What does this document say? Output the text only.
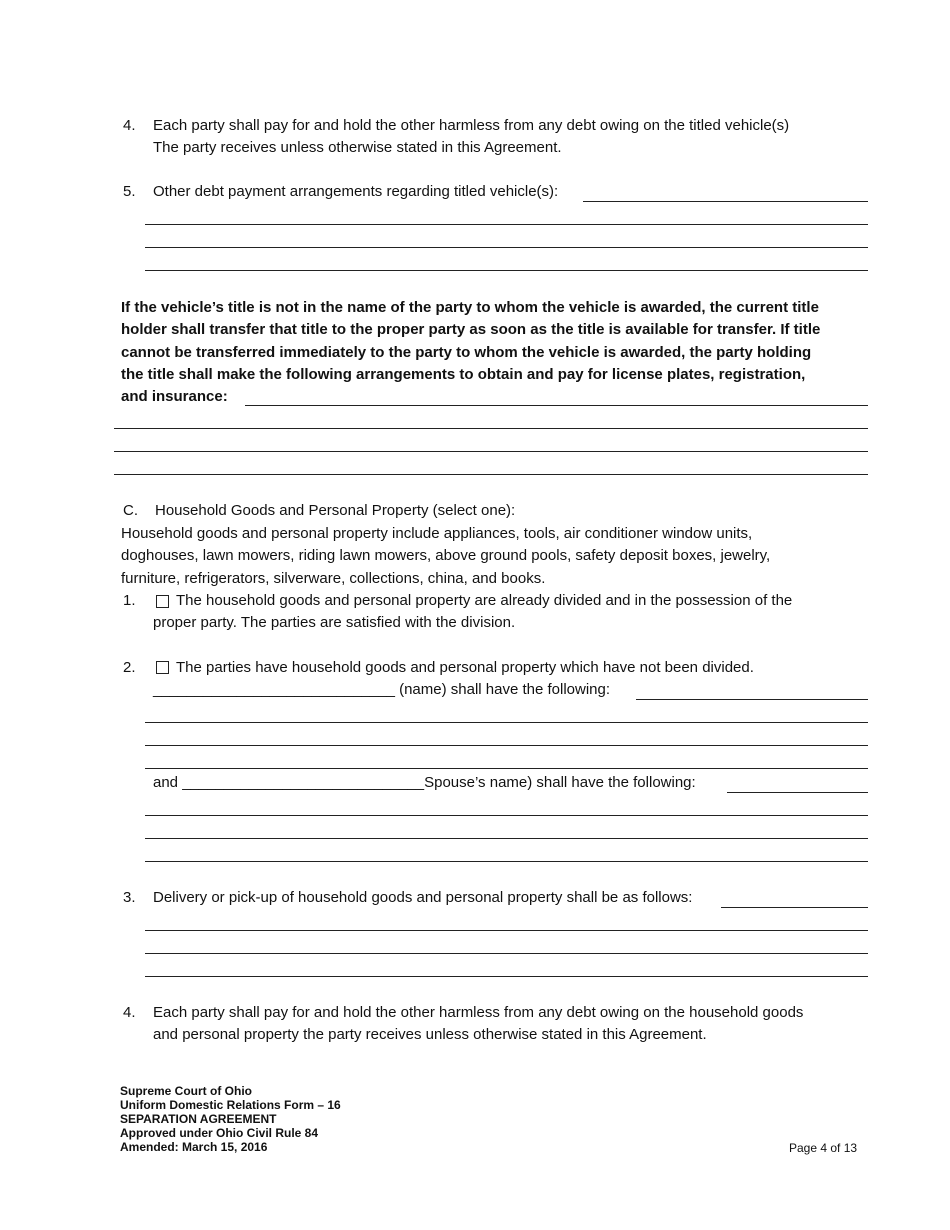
4. Each party shall pay for and hold the other harmless from any debt owing on the titled vehicle(s)
The party receives unless otherwise stated in this Agreement.
5. Other debt payment arrangements regarding titled vehicle(s):
If the vehicle’s title is not in the name of the party to whom the vehicle is awarded, the current title
holder shall transfer that title to the proper party as soon as the title is available for transfer. If title
cannot be transferred immediately to the party to whom the vehicle is awarded, the party holding
the title shall make the following arrangements to obtain and pay for license plates, registration,
and insurance:
C. Household Goods and Personal Property (select one):
Household goods and personal property include appliances, tools, air conditioner window units,
doghouses, lawn mowers, riding lawn mowers, above ground pools, safety deposit boxes, jewelry,
furniture, refrigerators, silverware, collections, china, and books.
1.	The household goods and personal property are already divided and in the possession of the
proper party. The parties are satisfied with the division.
2.	The parties have household goods and personal property which have not been divided.
_____________________________ (name) shall have the following:
and _____________________________Spouse’s name) shall have the following:
3. Delivery or pick-up of household goods and personal property shall be as follows:
4. Each party shall pay for and hold the other harmless from any debt owing on the household goods
and personal property the party receives unless otherwise stated in this Agreement.
Supreme Court of Ohio
Uniform Domestic Relations Form – 16
SEPARATION AGREEMENT
Approved under Ohio Civil Rule 84
Amended: March 15, 2016	Page 4 of 13
